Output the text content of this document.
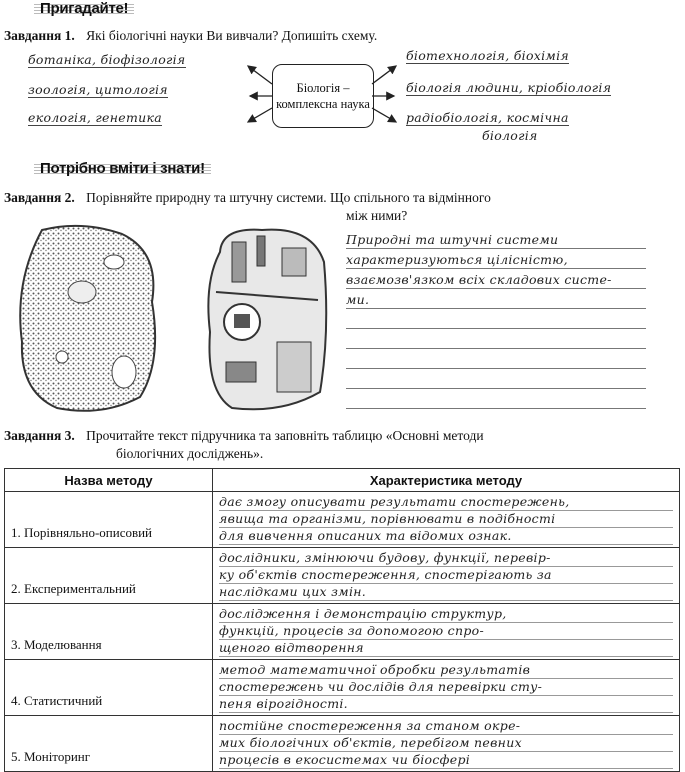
Пригадайте!
Завдання 1. Які біологічні науки Ви вивчали? Допишіть схему.
Біологія – комплексна наука
ботаніка, біофізологія
зоологія, цитологія
екологія, генетика
біотехнологія, біохімія
біологія людини, кріобіологія
радіобіологія, космічна
біологія
Потрібно вміти і знати!
Завдання 2. Порівняйте природну та штучну системи. Що спільного та відмінного
між ними?
Природні та штучні системи
характеризуються цілісністю,
взаємозв'язком всіх складових систе-
ми.
Завдання 3. Прочитайте текст підручника та заповніть таблицю «Основні методи
біологічних досліджень».
Назва методу	Характеристика методу
1. Порівняльно-описовий	дає змогу описувати результати спостережень,
явища та організми, порівнювати в подібності
для вивчення описаних та відомих ознак.

2. Експериментальний	дослідники, змінюючи будову, функції, перевір-
ку об'єктів спостереження, спостерігають за
наслідками цих змін.

3. Моделювання	дослідження і демонстрацію структур,
функцій, процесів за допомогою спро-
щеного відтворення

4. Статистичний	метод математичної обробки результатів
спостережень чи дослідів для перевірки сту-
пеня вірогідності.

5. Моніторинг	постійне спостереження за станом окре-
мих біологічних об'єктів, перебігом певних
процесів в екосистемах чи біосфері
